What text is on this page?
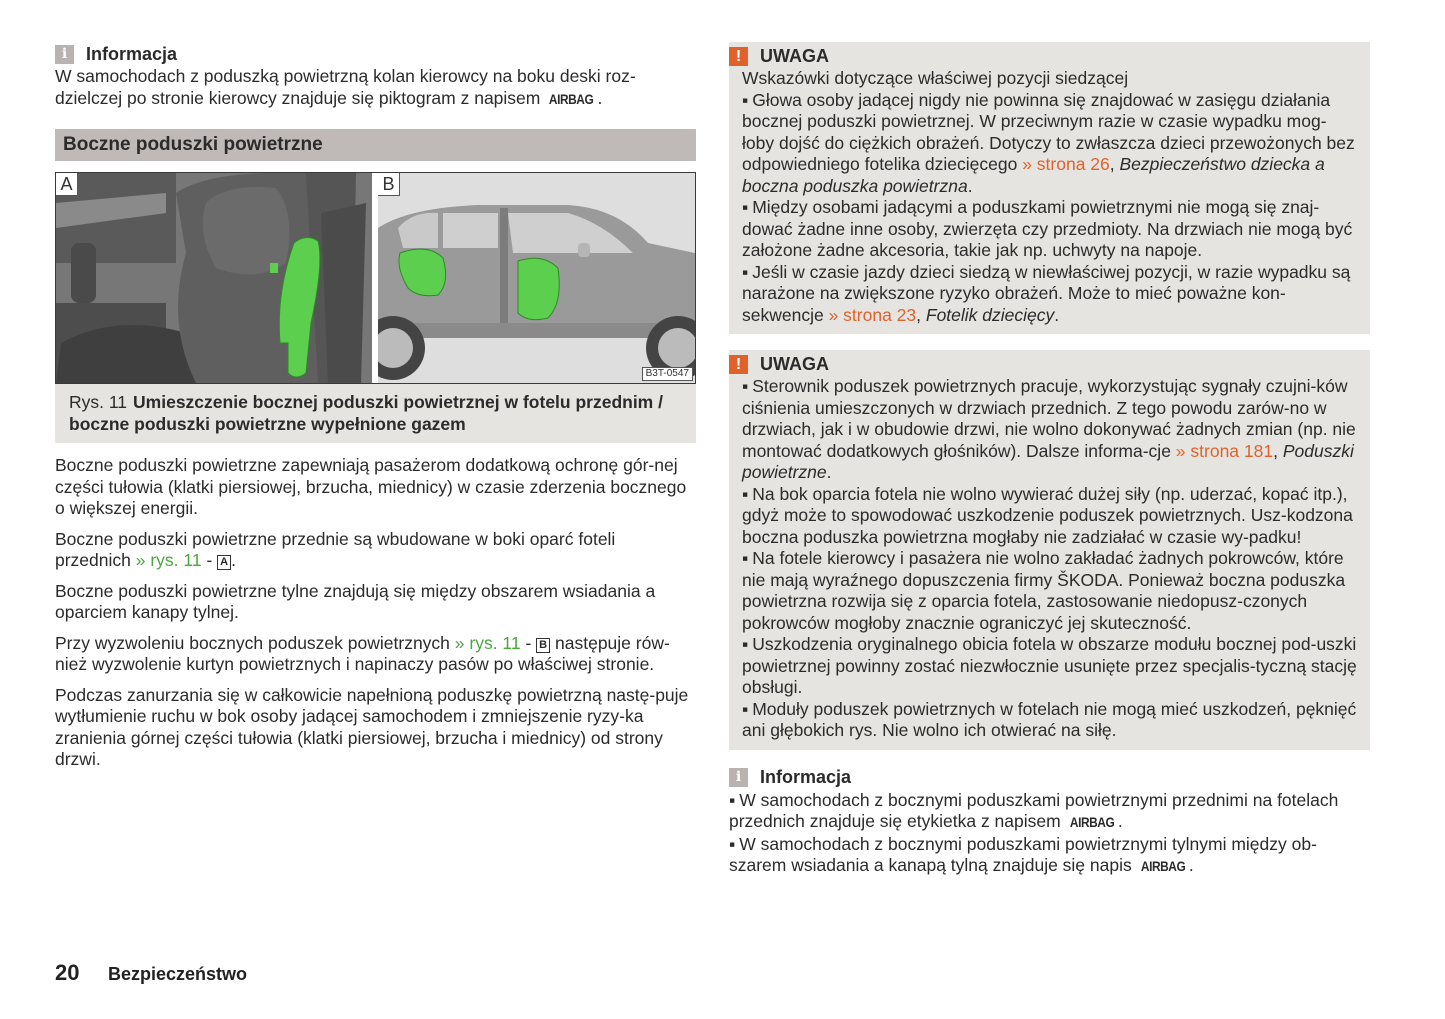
i	Informacja
W samochodach z poduszką powietrzną kolan kierowcy na boku deski roz-dzielczej po stronie kierowcy znajduje się piktogram z napisem AIRBAG .
Boczne poduszki powietrzne
A	B
B3T-0547
Rys. 11 Umieszczenie bocznej poduszki powietrznej w fotelu przednim / boczne poduszki powietrzne wypełnione gazem

Boczne poduszki powietrzne zapewniają pasażerom dodatkową ochronę gór-nej części tułowia (klatki piersiowej, brzucha, miednicy) w czasie zderzenia bocznego o większej energii.

Boczne poduszki powietrzne przednie są wbudowane w boki oparć foteli przednich » rys. 11 - A .

Boczne poduszki powietrzne tylne znajdują się między obszarem wsiadania a oparciem kanapy tylnej.

Przy wyzwoleniu bocznych poduszek powietrznych » rys. 11 - B następuje rów-nież wyzwolenie kurtyn powietrznych i napinaczy pasów po właściwej stronie.

Podczas zanurzania się w całkowicie napełnioną poduszkę powietrzną nastę-puje wytłumienie ruchu w bok osoby jadącej samochodem i zmniejszenie ryzy-ka zranienia górnej części tułowia (klatki piersiowej, brzucha i miednicy) od strony drzwi.

!	UWAGA
Wskazówki dotyczące właściwej pozycji siedzącej
▪ Głowa osoby jadącej nigdy nie powinna się znajdować w zasięgu działania bocznej poduszki powietrznej. W przeciwnym razie w czasie wypadku mog-łoby dojść do ciężkich obrażeń. Dotyczy to zwłaszcza dzieci przewożonych bez odpowiedniego fotelika dziecięcego » strona 26, Bezpieczeństwo dziecka a boczna poduszka powietrzna.
▪ Między osobami jadącymi a poduszkami powietrznymi nie mogą się znaj-dować żadne inne osoby, zwierzęta czy przedmioty. Na drzwiach nie mogą być założone żadne akcesoria, takie jak np. uchwyty na napoje.
▪ Jeśli w czasie jazdy dzieci siedzą w niewłaściwej pozycji, w razie wypadku są narażone na zwiększone ryzyko obrażeń. Może to mieć poważne kon-sekwencje » strona 23, Fotelik dziecięcy.
!	UWAGA
▪ Sterownik poduszek powietrznych pracuje, wykorzystując sygnały czujni-ków ciśnienia umieszczonych w drzwiach przednich. Z tego powodu zarów-no w drzwiach, jak i w obudowie drzwi, nie wolno dokonywać żadnych zmian (np. nie montować dodatkowych głośników). Dalsze informa-cje » strona 181, Poduszki powietrzne.
▪ Na bok oparcia fotela nie wolno wywierać dużej siły (np. uderzać, kopać itp.), gdyż może to spowodować uszkodzenie poduszek powietrznych. Usz-kodzona boczna poduszka powietrzna mogłaby nie zadziałać w czasie wy-padku!
▪ Na fotele kierowcy i pasażera nie wolno zakładać żadnych pokrowców, które nie mają wyraźnego dopuszczenia firmy ŠKODA. Ponieważ boczna poduszka powietrzna rozwija się z oparcia fotela, zastosowanie niedopusz-czonych pokrowców mogłoby znacznie ograniczyć jej skuteczność.
▪ Uszkodzenia oryginalnego obicia fotela w obszarze modułu bocznej pod-uszki powietrznej powinny zostać niezwłocznie usunięte przez specjalis-tyczną stację obsługi.
▪ Moduły poduszek powietrznych w fotelach nie mogą mieć uszkodzeń, pęknięć ani głębokich rys. Nie wolno ich otwierać na siłę.
i	Informacja
▪ W samochodach z bocznymi poduszkami powietrznymi przednimi na fotelach przednich znajduje się etykietka z napisem AIRBAG .
▪ W samochodach z bocznymi poduszkami powietrznymi tylnymi między ob-szarem wsiadania a kanapą tylną znajduje się napis AIRBAG .
20	Bezpieczeństwo
